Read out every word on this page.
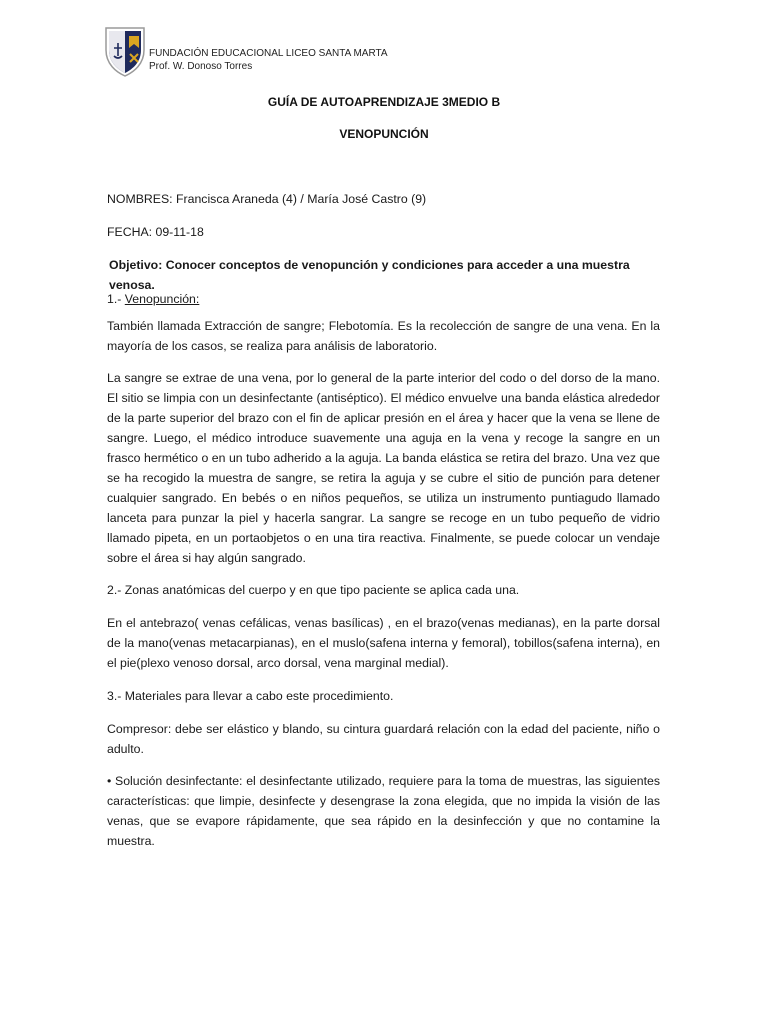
FUNDACIÓN EDUCACIONAL LICEO SANTA MARTA
Prof. W. Donoso Torres
GUÍA DE AUTOAPRENDIZAJE 3MEDIO B
VENOPUNCIÓN

NOMBRES: Francisca Araneda (4) / María José Castro (9)

FECHA: 09-11-18

Objetivo: Conocer conceptos de venopunción y condiciones para acceder a una muestra venosa.

1.- Venopunción:

También llamada Extracción de sangre; Flebotomía. Es la recolección de sangre de una vena. En la mayoría de los casos, se realiza para análisis de laboratorio.

La sangre se extrae de una vena, por lo general de la parte interior del codo o del dorso de la mano. El sitio se limpia con un desinfectante (antiséptico). El médico envuelve una banda elástica alrededor de la parte superior del brazo con el fin de aplicar presión en el área y hacer que la vena se llene de sangre. Luego, el médico introduce suavemente una aguja en la vena y recoge la sangre en un frasco hermético o en un tubo adherido a la aguja. La banda elástica se retira del brazo. Una vez que se ha recogido la muestra de sangre, se retira la aguja y se cubre el sitio de punción para detener cualquier sangrado. En bebés o en niños pequeños, se utiliza un instrumento puntiagudo llamado lanceta para punzar la piel y hacerla sangrar. La sangre se recoge en un tubo pequeño de vidrio llamado pipeta, en un portaobjetos o en una tira reactiva. Finalmente, se puede colocar un vendaje sobre el área si hay algún sangrado.

2.- Zonas anatómicas del cuerpo y en que tipo paciente se aplica cada una.

En el antebrazo( venas cefálicas, venas basílicas) , en el brazo(venas medianas), en la parte dorsal de la mano(venas metacarpianas), en el muslo(safena interna y femoral), tobillos(safena interna), en el pie(plexo venoso dorsal, arco dorsal, vena marginal medial).

3.- Materiales para llevar a cabo este procedimiento.

Compresor: debe ser elástico y blando, su cintura guardará relación con la edad del paciente, niño o adulto.

• Solución desinfectante: el desinfectante utilizado, requiere para la toma de muestras, las siguientes características: que limpie, desinfecte y desengrase la zona elegida, que no impida la visión de las venas, que se evapore rápidamente, que sea rápido en la desinfección y que no contamine la muestra.
